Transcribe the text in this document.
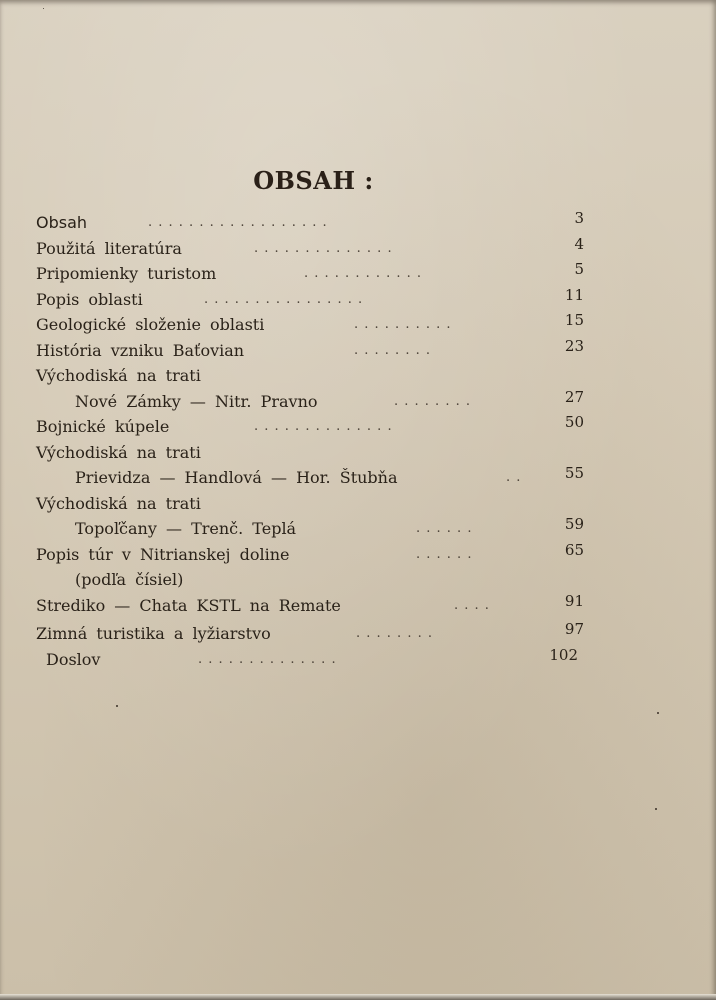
OBSAH :
Obsah	. . . . . . . . . . . . . . . . . .	3
Použitá literatúra	. . . . . . . . . . . . . .	4
Pripomienky turistom	. . . . . . . . . . . .	5
Popis oblasti	. . . . . . . . . . . . . . . .	11
Geologické složenie oblasti	. . . . . . . . . .	15
História vzniku Baťovian	. . . . . . . .	23
Východiská na trati
Nové Zámky — Nitr. Pravno	. . . . . . . .	27
Bojnické kúpele	. . . . . . . . . . . . . .	50
Východiská na trati
Prievidza — Handlová — Hor. Štubňa	. .	55
Východiská na trati
Topoľčany — Trenč. Teplá	. . . . . .	59
Popis túr v Nitrianskej doline	. . . . . .	65
(podľa čísiel)
Strediko — Chata KSTL na Remate	. . . .	91
Zimná turistika a lyžiarstvo	. . . . . . . .	97
Doslov	. . . . . . . . . . . . . .	102
